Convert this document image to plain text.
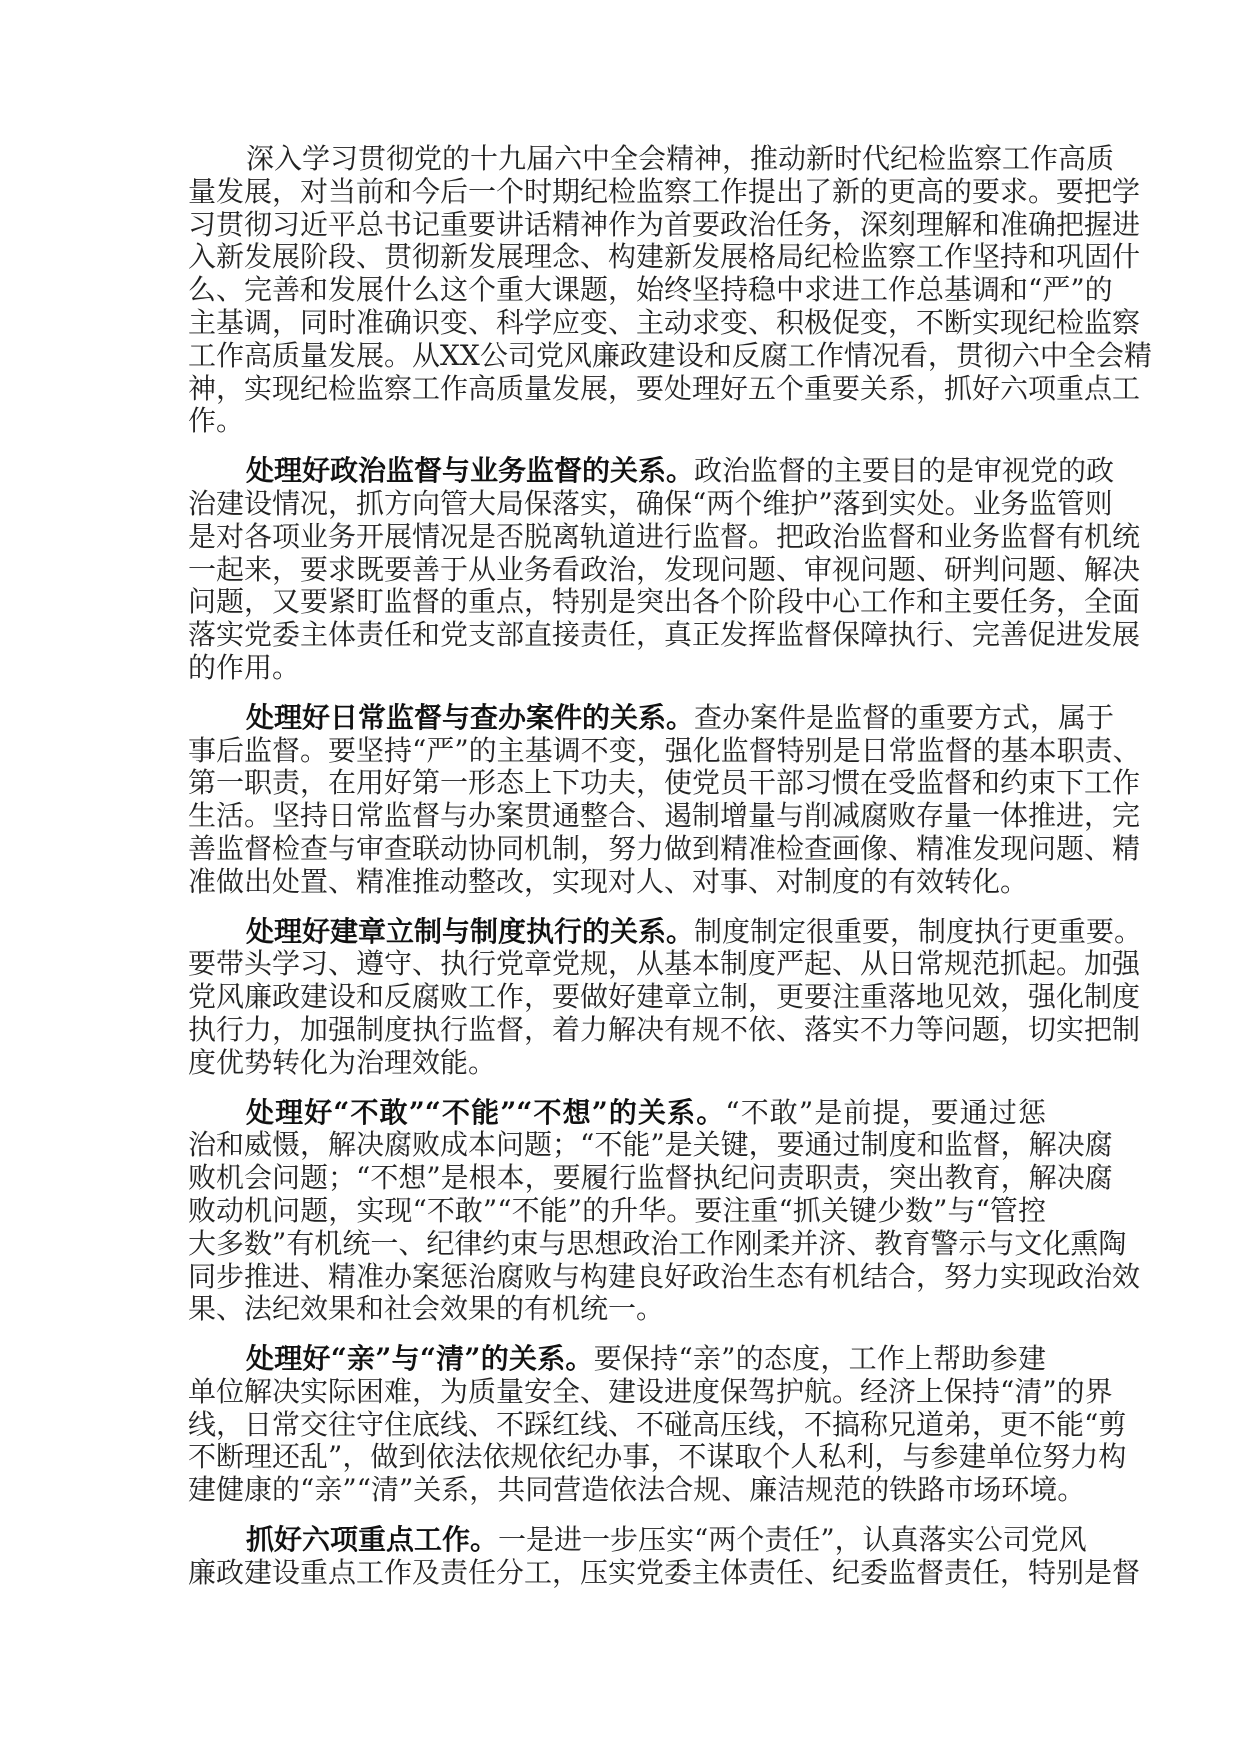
深入学习贯彻党的十九届六中全会精神，推动新时代纪检监察工作高质
量发展，对当前和今后一个时期纪检监察工作提出了新的更高的要求。要把学
习贯彻习近平总书记重要讲话精神作为首要政治任务，深刻理解和准确把握进
入新发展阶段、贯彻新发展理念、构建新发展格局纪检监察工作坚持和巩固什
么、完善和发展什么这个重大课题，始终坚持稳中求进工作总基调和“严”的
主基调，同时准确识变、科学应变、主动求变、积极促变，不断实现纪检监察
工作高质量发展。从XX公司党风廉政建设和反腐工作情况看，贯彻六中全会精
神，实现纪检监察工作高质量发展，要处理好五个重要关系，抓好六项重点工
作。
处理好政治监督与业务监督的关系。政治监督的主要目的是审视党的政
治建设情况，抓方向管大局保落实，确保“两个维护”落到实处。业务监管则
是对各项业务开展情况是否脱离轨道进行监督。把政治监督和业务监督有机统
一起来，要求既要善于从业务看政治，发现问题、审视问题、研判问题、解决
问题，又要紧盯监督的重点，特别是突出各个阶段中心工作和主要任务，全面
落实党委主体责任和党支部直接责任，真正发挥监督保障执行、完善促进发展
的作用。
处理好日常监督与查办案件的关系。查办案件是监督的重要方式，属于
事后监督。要坚持“严”的主基调不变，强化监督特别是日常监督的基本职责、
第一职责，在用好第一形态上下功夫，使党员干部习惯在受监督和约束下工作
生活。坚持日常监督与办案贯通整合、遏制增量与削减腐败存量一体推进，完
善监督检查与审查联动协同机制，努力做到精准检查画像、精准发现问题、精
准做出处置、精准推动整改，实现对人、对事、对制度的有效转化。
处理好建章立制与制度执行的关系。制度制定很重要，制度执行更重要。
要带头学习、遵守、执行党章党规，从基本制度严起、从日常规范抓起。加强
党风廉政建设和反腐败工作，要做好建章立制，更要注重落地见效，强化制度
执行力，加强制度执行监督，着力解决有规不依、落实不力等问题，切实把制
度优势转化为治理效能。
处理好“不敢”“不能”“不想”的关系。“不敢”是前提，要通过惩
治和威慑，解决腐败成本问题；“不能”是关键，要通过制度和监督，解决腐
败机会问题；“不想”是根本，要履行监督执纪问责职责，突出教育，解决腐
败动机问题，实现“不敢”“不能”的升华。要注重“抓关键少数”与“管控
大多数”有机统一、纪律约束与思想政治工作刚柔并济、教育警示与文化熏陶
同步推进、精准办案惩治腐败与构建良好政治生态有机结合，努力实现政治效
果、法纪效果和社会效果的有机统一。
处理好“亲”与“清”的关系。要保持“亲”的态度，工作上帮助参建
单位解决实际困难，为质量安全、建设进度保驾护航。经济上保持“清”的界
线，日常交往守住底线、不踩红线、不碰高压线，不搞称兄道弟，更不能“剪
不断理还乱”，做到依法依规依纪办事，不谋取个人私利，与参建单位努力构
建健康的“亲”“清”关系，共同营造依法合规、廉洁规范的铁路市场环境。
抓好六项重点工作。一是进一步压实“两个责任”，认真落实公司党风
廉政建设重点工作及责任分工，压实党委主体责任、纪委监督责任，特别是督
